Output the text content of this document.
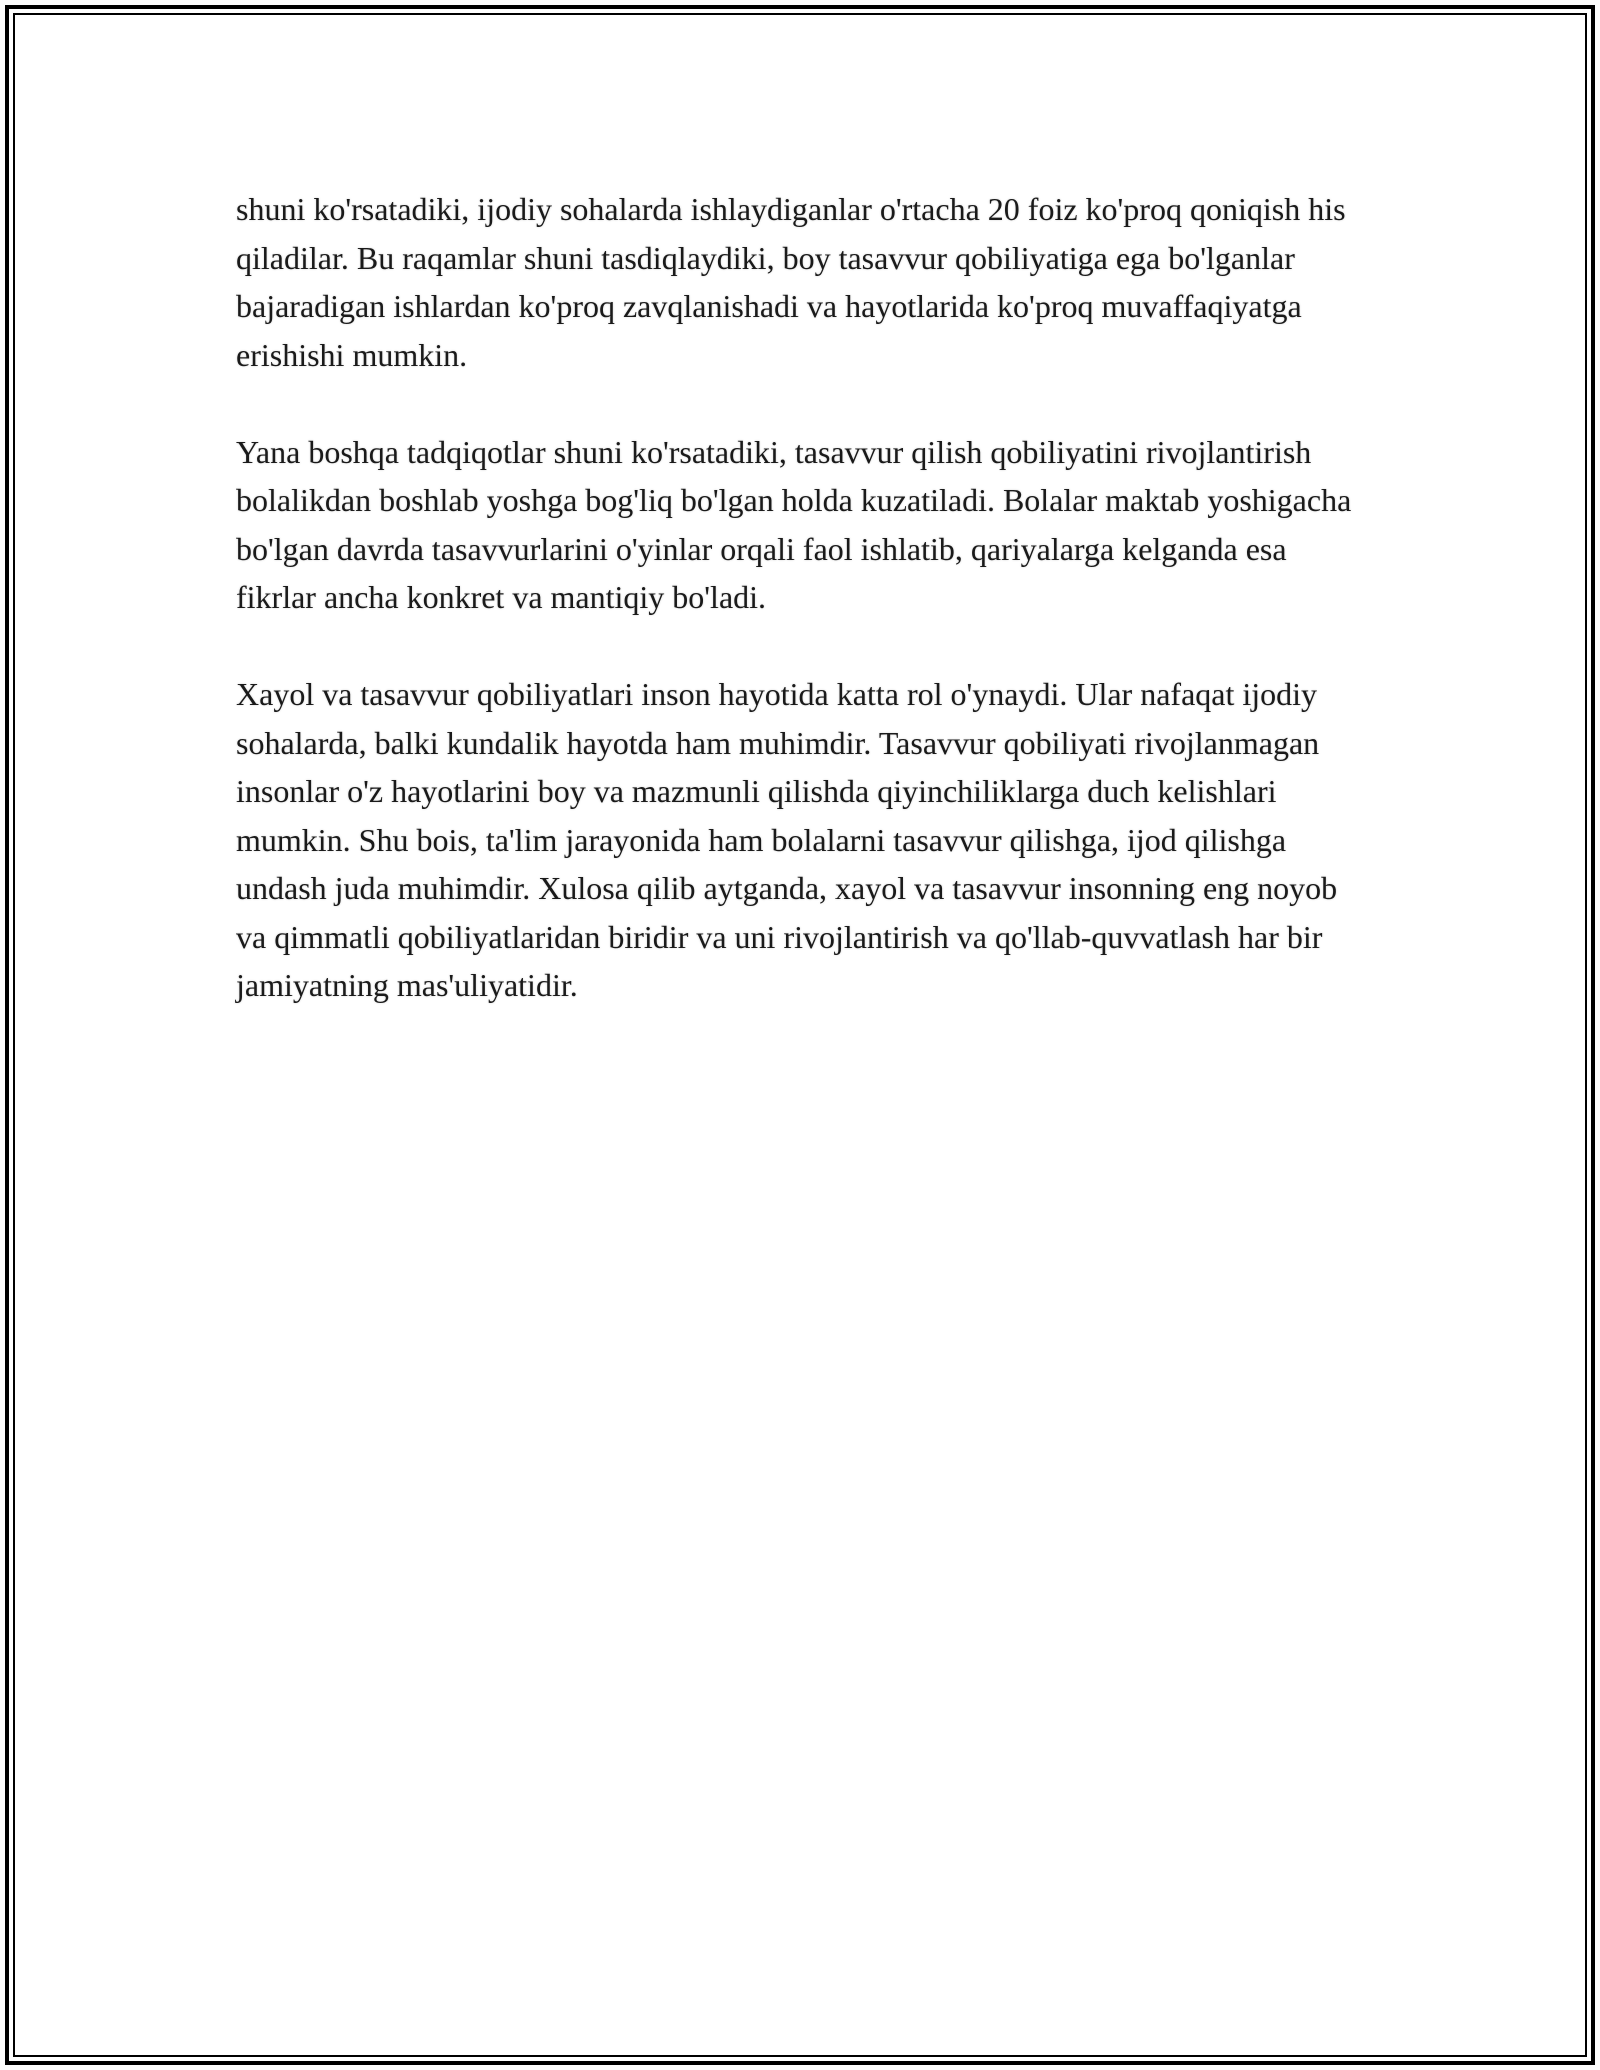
shuni ko'rsatadiki, ijodiy sohalarda ishlaydiganlar o'rtacha 20 foiz ko'proq qoniqish his qiladilar. Bu raqamlar shuni tasdiqlaydiki, boy tasavvur qobiliyatiga ega bo'lganlar bajaradigan ishlardan ko'proq zavqlanishadi va hayotlarida ko'proq muvaffaqiyatga erishishi mumkin.

Yana boshqa tadqiqotlar shuni ko'rsatadiki, tasavvur qilish qobiliyatini rivojlantirish bolalikdan boshlab yoshga bog'liq bo'lgan holda kuzatiladi. Bolalar maktab yoshigacha bo'lgan davrda tasavvurlarini o'yinlar orqali faol ishlatib, qariyalarga kelganda esa fikrlar ancha konkret va mantiqiy bo'ladi.

Xayol va tasavvur qobiliyatlari inson hayotida katta rol o'ynaydi. Ular nafaqat ijodiy sohalarda, balki kundalik hayotda ham muhimdir. Tasavvur qobiliyati rivojlanmagan insonlar o'z hayotlarini boy va mazmunli qilishda qiyinchiliklarga duch kelishlari mumkin. Shu bois, ta'lim jarayonida ham bolalarni tasavvur qilishga, ijod qilishga undash juda muhimdir. Xulosa qilib aytganda, xayol va tasavvur insonning eng noyob va qimmatli qobiliyatlaridan biridir va uni rivojlantirish va qo'llab-quvvatlash har bir jamiyatning mas'uliyatidir.
